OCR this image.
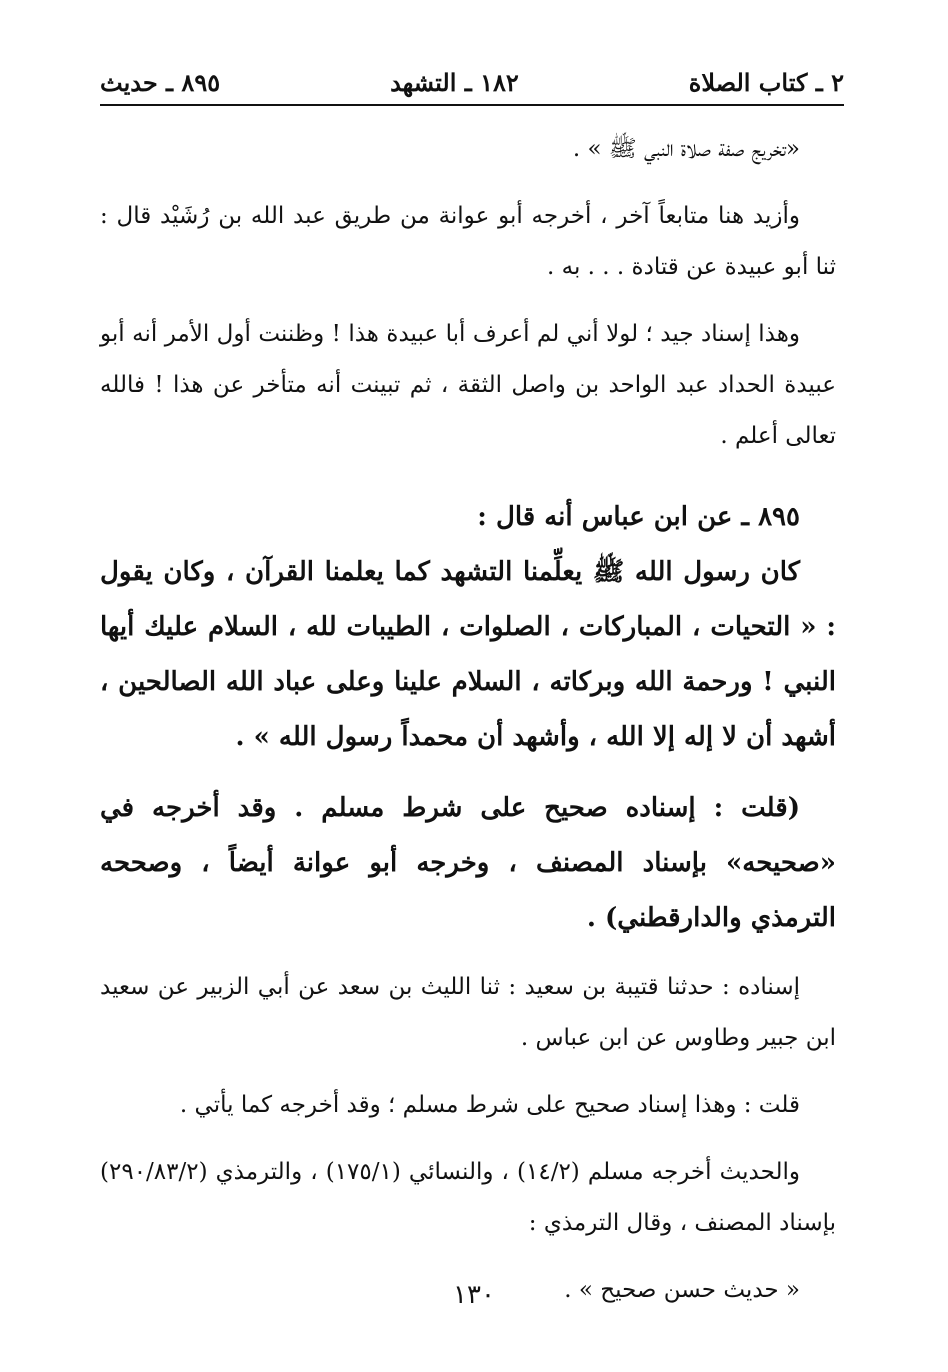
٢ ـ كتاب الصلاة
١٨٢ ـ التشهد
٨٩٥ ـ حديث

«تخريج صفة صلاة النبي ﷺ » .

وأزيد هنا متابعاً آخر ، أخرجه أبو عوانة من طريق عبد الله بن رُشَيْد قال : ثنا أبو عبيدة عن قتادة . . . به .

وهذا إسناد جيد ؛ لولا أني لم أعرف أبا عبيدة هذا ! وظننت أول الأمر أنه أبو عبيدة الحداد عبد الواحد بن واصل الثقة ، ثم تبينت أنه متأخر عن هذا ! فالله تعالى أعلم .

٨٩٥ ـ عن ابن عباس أنه قال :

كان رسول الله ﷺ يعلِّمنا التشهد كما يعلمنا القرآن ، وكان يقول : « التحيات ، المباركات ، الصلوات ، الطيبات لله ، السلام عليك أيها النبي ! ورحمة الله وبركاته ، السلام علينا وعلى عباد الله الصالحين ، أشهد أن لا إله إلا الله ، وأشهد أن محمداً رسول الله » .

(قلت : إسناده صحيح على شرط مسلم . وقد أخرجه في «صحيحه» بإسناد المصنف ، وخرجه أبو عوانة أيضاً ، وصححه الترمذي والدارقطني) .

إسناده : حدثنا قتيبة بن سعيد : ثنا الليث بن سعد عن أبي الزبير عن سعيد ابن جبير وطاوس عن ابن عباس .

قلت : وهذا إسناد صحيح على شرط مسلم ؛ وقد أخرجه كما يأتي .

والحديث أخرجه مسلم (١٤/٢) ، والنسائي (١٧٥/١) ، والترمذي (٢٩٠/٨٣/٢) بإسناد المصنف ، وقال الترمذي :

« حديث حسن صحيح » .

١٣٠
